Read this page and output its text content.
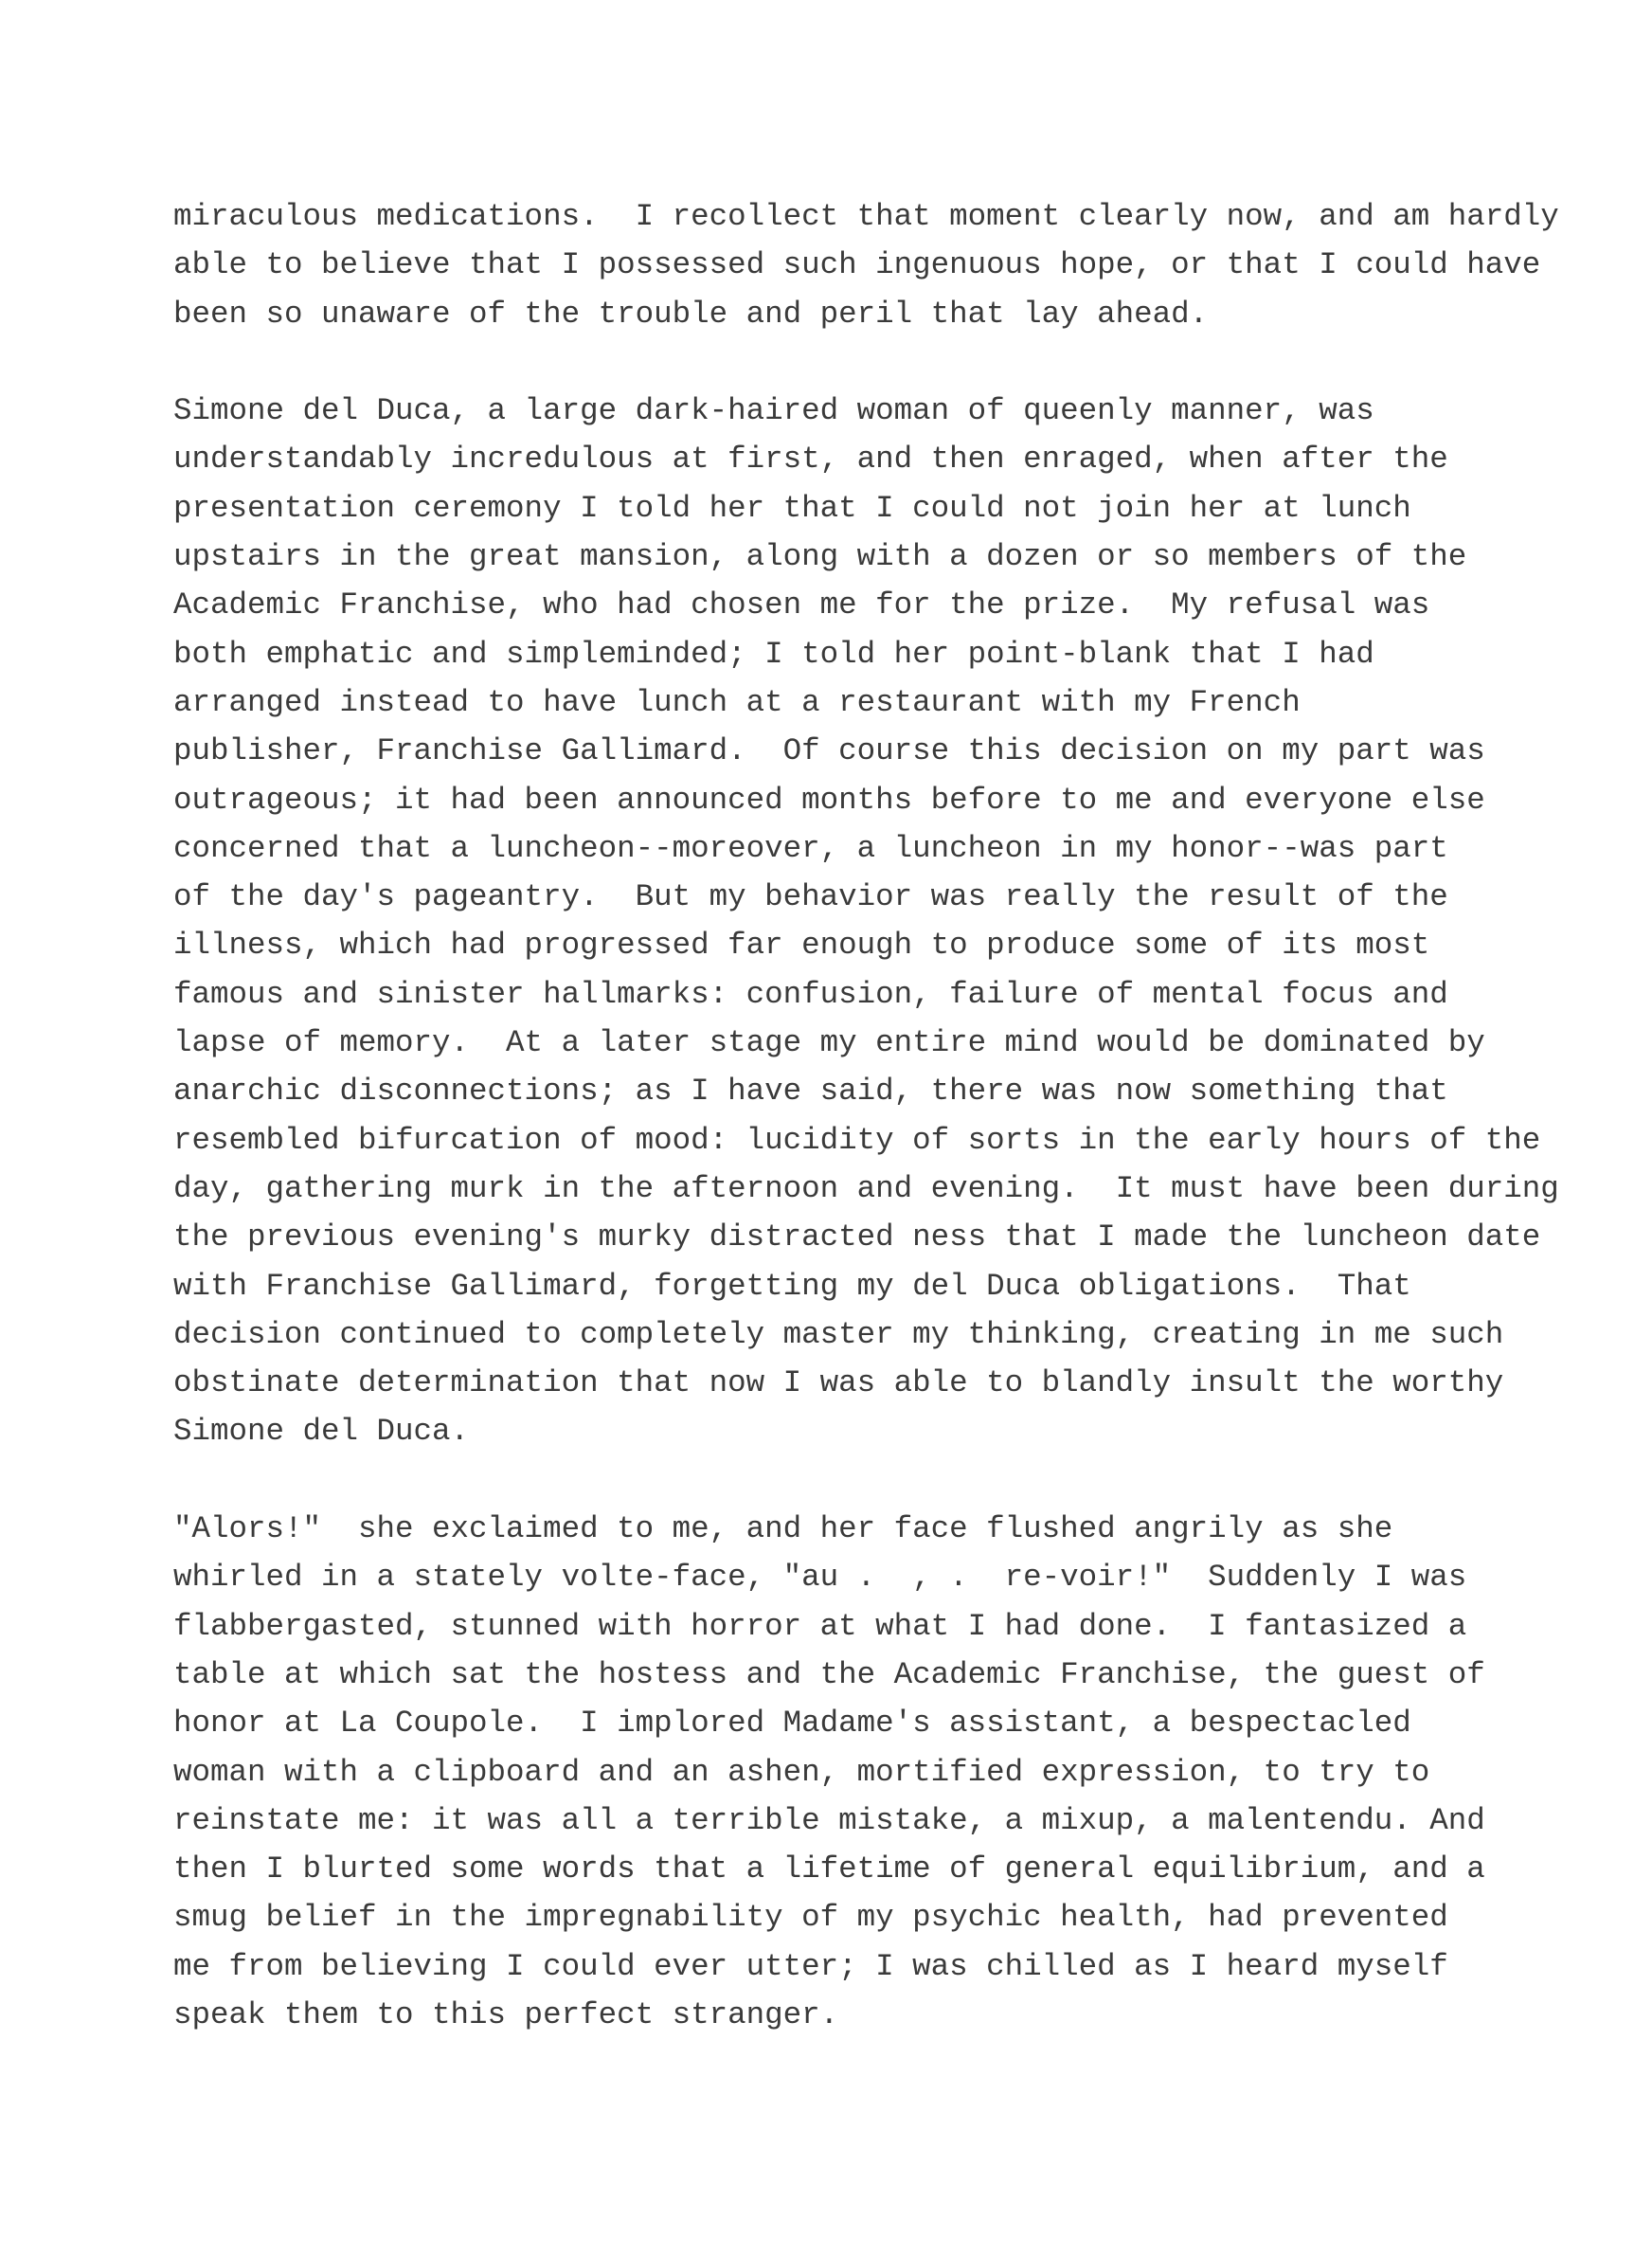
miraculous medications.  I recollect that moment clearly now, and am hardly
able to believe that I possessed such ingenuous hope, or that I could have
been so unaware of the trouble and peril that lay ahead.
Simone del Duca, a large dark-haired woman of queenly manner, was
understandably incredulous at first, and then enraged, when after the
presentation ceremony I told her that I could not join her at lunch
upstairs in the great mansion, along with a dozen or so members of the
Academic Franchise, who had chosen me for the prize.  My refusal was
both emphatic and simpleminded; I told her point-blank that I had
arranged instead to have lunch at a restaurant with my French
publisher, Franchise Gallimard.  Of course this decision on my part was
outrageous; it had been announced months before to me and everyone else
concerned that a luncheon--moreover, a luncheon in my honor--was part
of the day's pageantry.  But my behavior was really the result of the
illness, which had progressed far enough to produce some of its most
famous and sinister hallmarks: confusion, failure of mental focus and
lapse of memory.  At a later stage my entire mind would be dominated by
anarchic disconnections; as I have said, there was now something that
resembled bifurcation of mood: lucidity of sorts in the early hours of the
day, gathering murk in the afternoon and evening.  It must have been during
the previous evening's murky distracted ness that I made the luncheon date
with Franchise Gallimard, forgetting my del Duca obligations.  That
decision continued to completely master my thinking, creating in me such
obstinate determination that now I was able to blandly insult the worthy
Simone del Duca.
"Alors!"  she exclaimed to me, and her face flushed angrily as she
whirled in a stately volte-face, "au .  , .  re-voir!"  Suddenly I was
flabbergasted, stunned with horror at what I had done.  I fantasized a
table at which sat the hostess and the Academic Franchise, the guest of
honor at La Coupole.  I implored Madame's assistant, a bespectacled
woman with a clipboard and an ashen, mortified expression, to try to
reinstate me: it was all a terrible mistake, a mixup, a malentendu. And
then I blurted some words that a lifetime of general equilibrium, and a
smug belief in the impregnability of my psychic health, had prevented
me from believing I could ever utter; I was chilled as I heard myself
speak them to this perfect stranger.
